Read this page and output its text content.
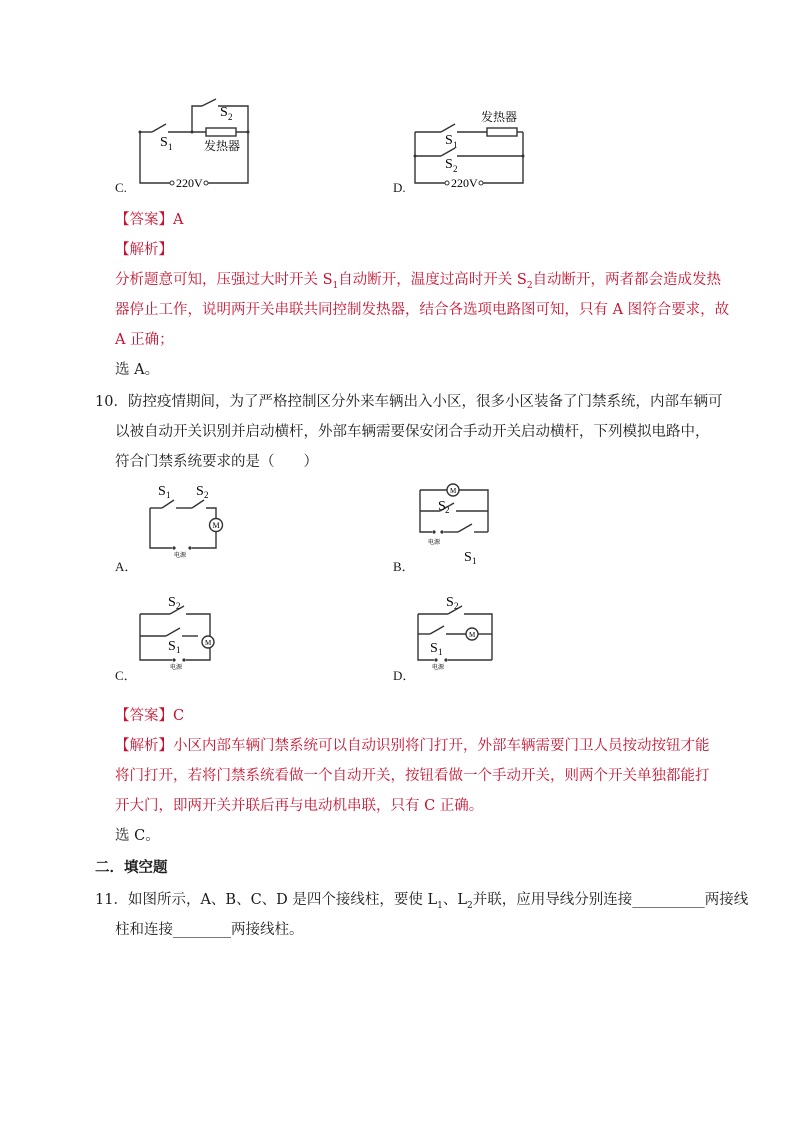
C.
S 1
S 2
发热器
220V	D.
发热器
S 1
S 2
220V
【答案】A
【解析】
分析题意可知，压强过大时开关 $S_1$自动断开，温度过高时开关 $S_2$自动断开，两者都会造成发热
器停止工作，说明两开关串联共同控制发热器，结合各选项电路图可知，只有 A 图符合要求，故
A 正确；
选 A。
10．防控疫情期间，为了严格控制区分外来车辆出入小区，很多小区装备了门禁系统，内部车辆可
以被自动开关识别并启动横杆，外部车辆需要保安闭合手动开关启动横杆，下列模拟电路中，
符合门禁系统要求的是（　　）
A．
M
电源
S 1 S 2
B．
M
电源
S 2
S 1
C．
M
电源
S 2
S 1
D．
M
电源
S 2
S 1
【答案】C
【解析】小区内部车辆门禁系统可以自动识别将门打开，外部车辆需要门卫人员按动按钮才能
将门打开，若将门禁系统看做一个自动开关，按钮看做一个手动开关，则两个开关单独都能打
开大门，即两开关并联后再与电动机串联，只有 C 正确。
选 C。
二．填空题
11．如图所示，A、B、C、D 是四个接线柱，要使 $L_1$、$L_2$并联，应用导线分别连接__________两接线
柱和连接________两接线柱。
